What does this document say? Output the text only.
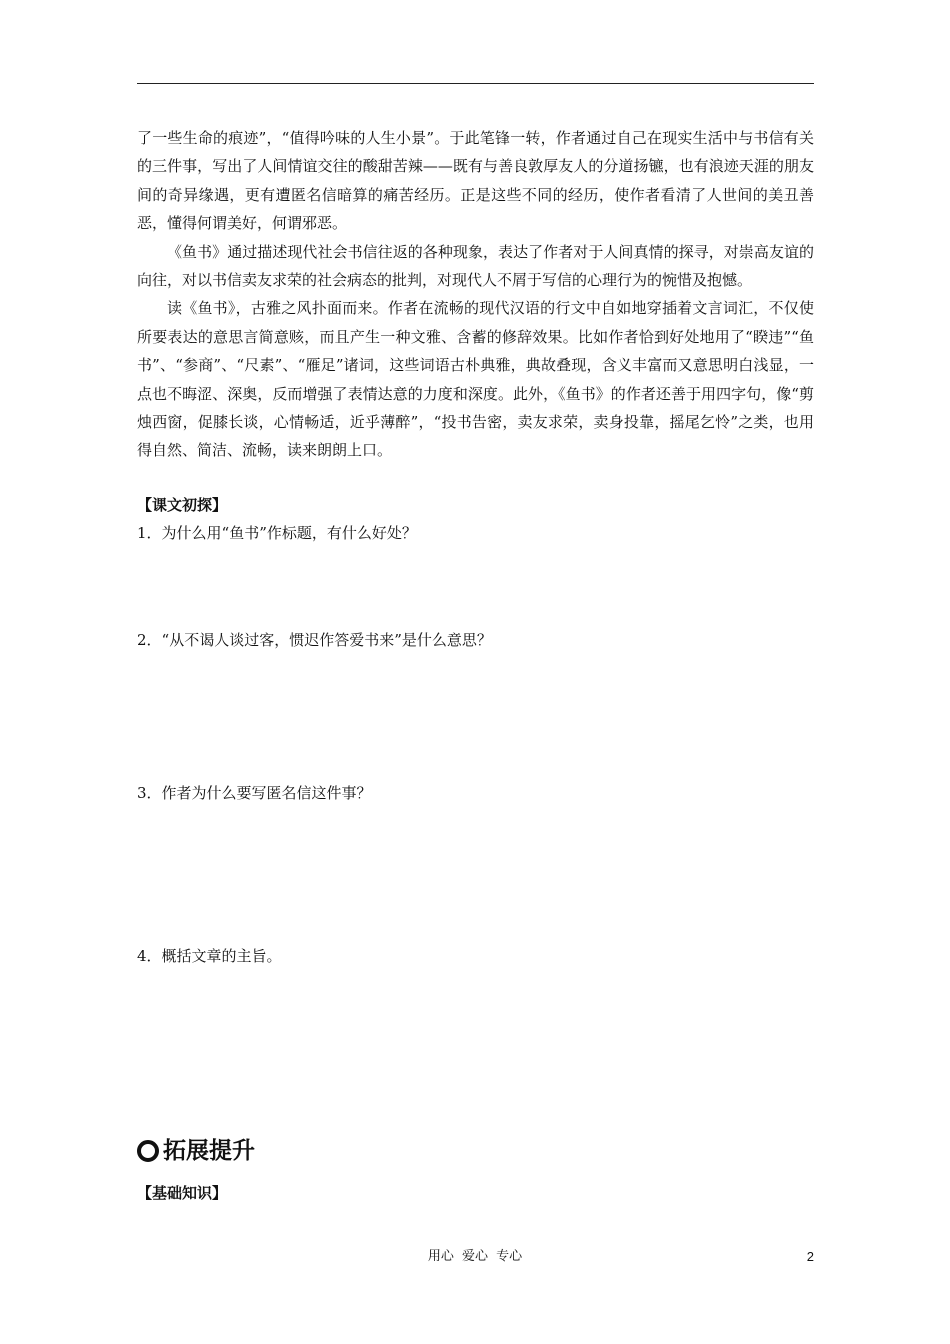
了一些生命的痕迹”，“值得吟味的人生小景”。于此笔锋一转，作者通过自己在现实生活中与书信有关的三件事，写出了人间情谊交往的酸甜苦辣——既有与善良敦厚友人的分道扬镳，也有浪迹天涯的朋友间的奇异缘遇，更有遭匿名信暗算的痛苦经历。正是这些不同的经历，使作者看清了人世间的美丑善恶，懂得何谓美好，何谓邪恶。

《鱼书》通过描述现代社会书信往返的各种现象，表达了作者对于人间真情的探寻，对崇高友谊的向往，对以书信卖友求荣的社会病态的批判，对现代人不屑于写信的心理行为的惋惜及抱憾。

读《鱼书》，古雅之风扑面而来。作者在流畅的现代汉语的行文中自如地穿插着文言词汇，不仅使所要表达的意思言简意赅，而且产生一种文雅、含蓄的修辞效果。比如作者恰到好处地用了“睽违”“鱼书”、“参商”、“尺素”、“雁足”诸词，这些词语古朴典雅，典故叠现，含义丰富而又意思明白浅显，一点也不晦涩、深奥，反而增强了表情达意的力度和深度。此外，《鱼书》的作者还善于用四字句，像“剪烛西窗，促膝长谈，心情畅适，近乎薄醉”，“投书告密，卖友求荣，卖身投靠，摇尾乞怜”之类，也用得自然、简洁、流畅，读来朗朗上口。

【课文初探】

1．为什么用“鱼书”作标题，有什么好处？

2．“从不谒人谈过客，惯迟作答爱书来”是什么意思？

3．作者为什么要写匿名信这件事？

4．概括文章的主旨。

拓展提升

【基础知识】

用心 爱心 专心	2
